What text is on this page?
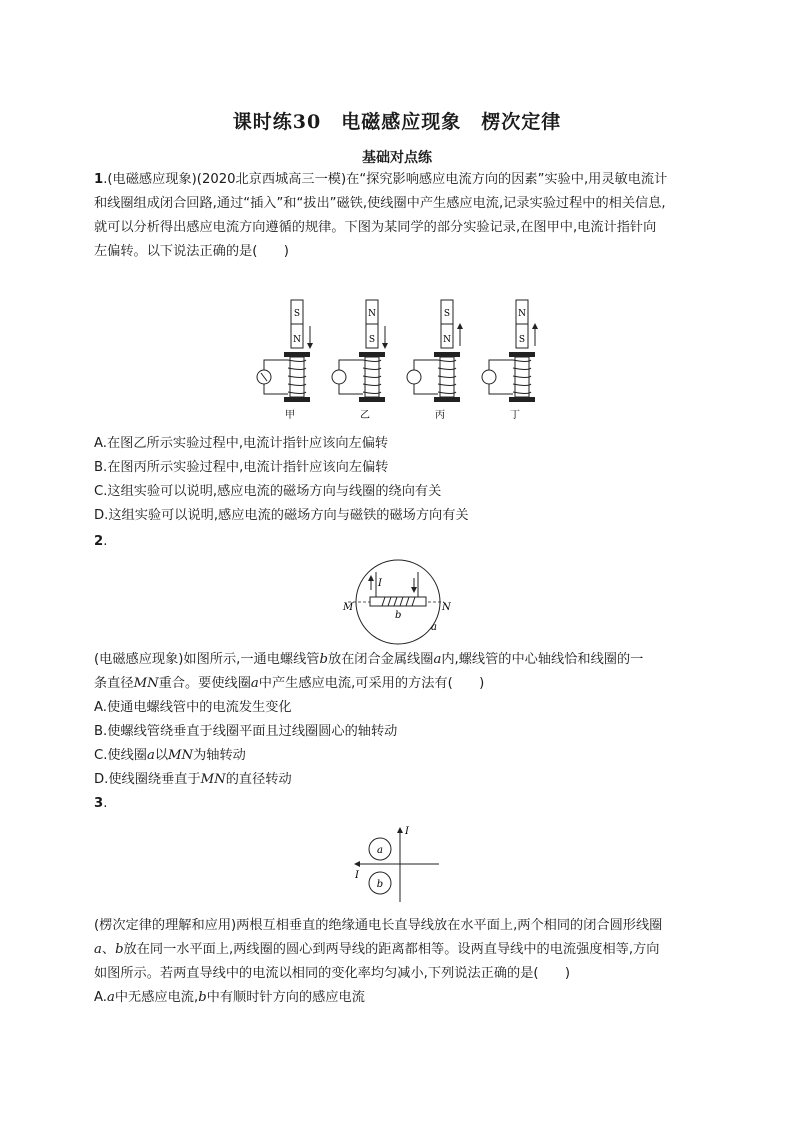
课时练30　电磁感应现象　楞次定律
基础对点练
1.(电磁感应现象)(2020北京西城高三一模)在“探究影响感应电流方向的因素”实验中,用灵敏电流计
和线圈组成闭合回路,通过“插入”和“拔出”磁铁,使线圈中产生感应电流,记录实验过程中的相关信息,
就可以分析得出感应电流方向遵循的规律。下图为某同学的部分实验记录,在图甲中,电流计指针向
左偏转。以下说法正确的是(　　)
S
N
甲
N
S
乙
S
N
丙
N
S
丁
A.在图乙所示实验过程中,电流计指针应该向左偏转
B.在图丙所示实验过程中,电流计指针应该向左偏转
C.这组实验可以说明,感应电流的磁场方向与线圈的绕向有关
D.这组实验可以说明,感应电流的磁场方向与磁铁的磁场方向有关
2.
I
M	N
b
a
(电磁感应现象)如图所示,一通电螺线管b放在闭合金属线圈a内,螺线管的中心轴线恰和线圈的一
条直径MN重合。要使线圈a中产生感应电流,可采用的方法有(　　)
A.使通电螺线管中的电流发生变化
B.使螺线管绕垂直于线圈平面且过线圈圆心的轴转动
C.使线圈a以MN为轴转动
D.使线圈绕垂直于MN的直径转动
3.
I
I
a
b
(楞次定律的理解和应用)两根互相垂直的绝缘通电长直导线放在水平面上,两个相同的闭合圆形线圈
a、b放在同一水平面上,两线圈的圆心到两导线的距离都相等。设两直导线中的电流强度相等,方向
如图所示。若两直导线中的电流以相同的变化率均匀减小,下列说法正确的是(　　)
A.a中无感应电流,b中有顺时针方向的感应电流
